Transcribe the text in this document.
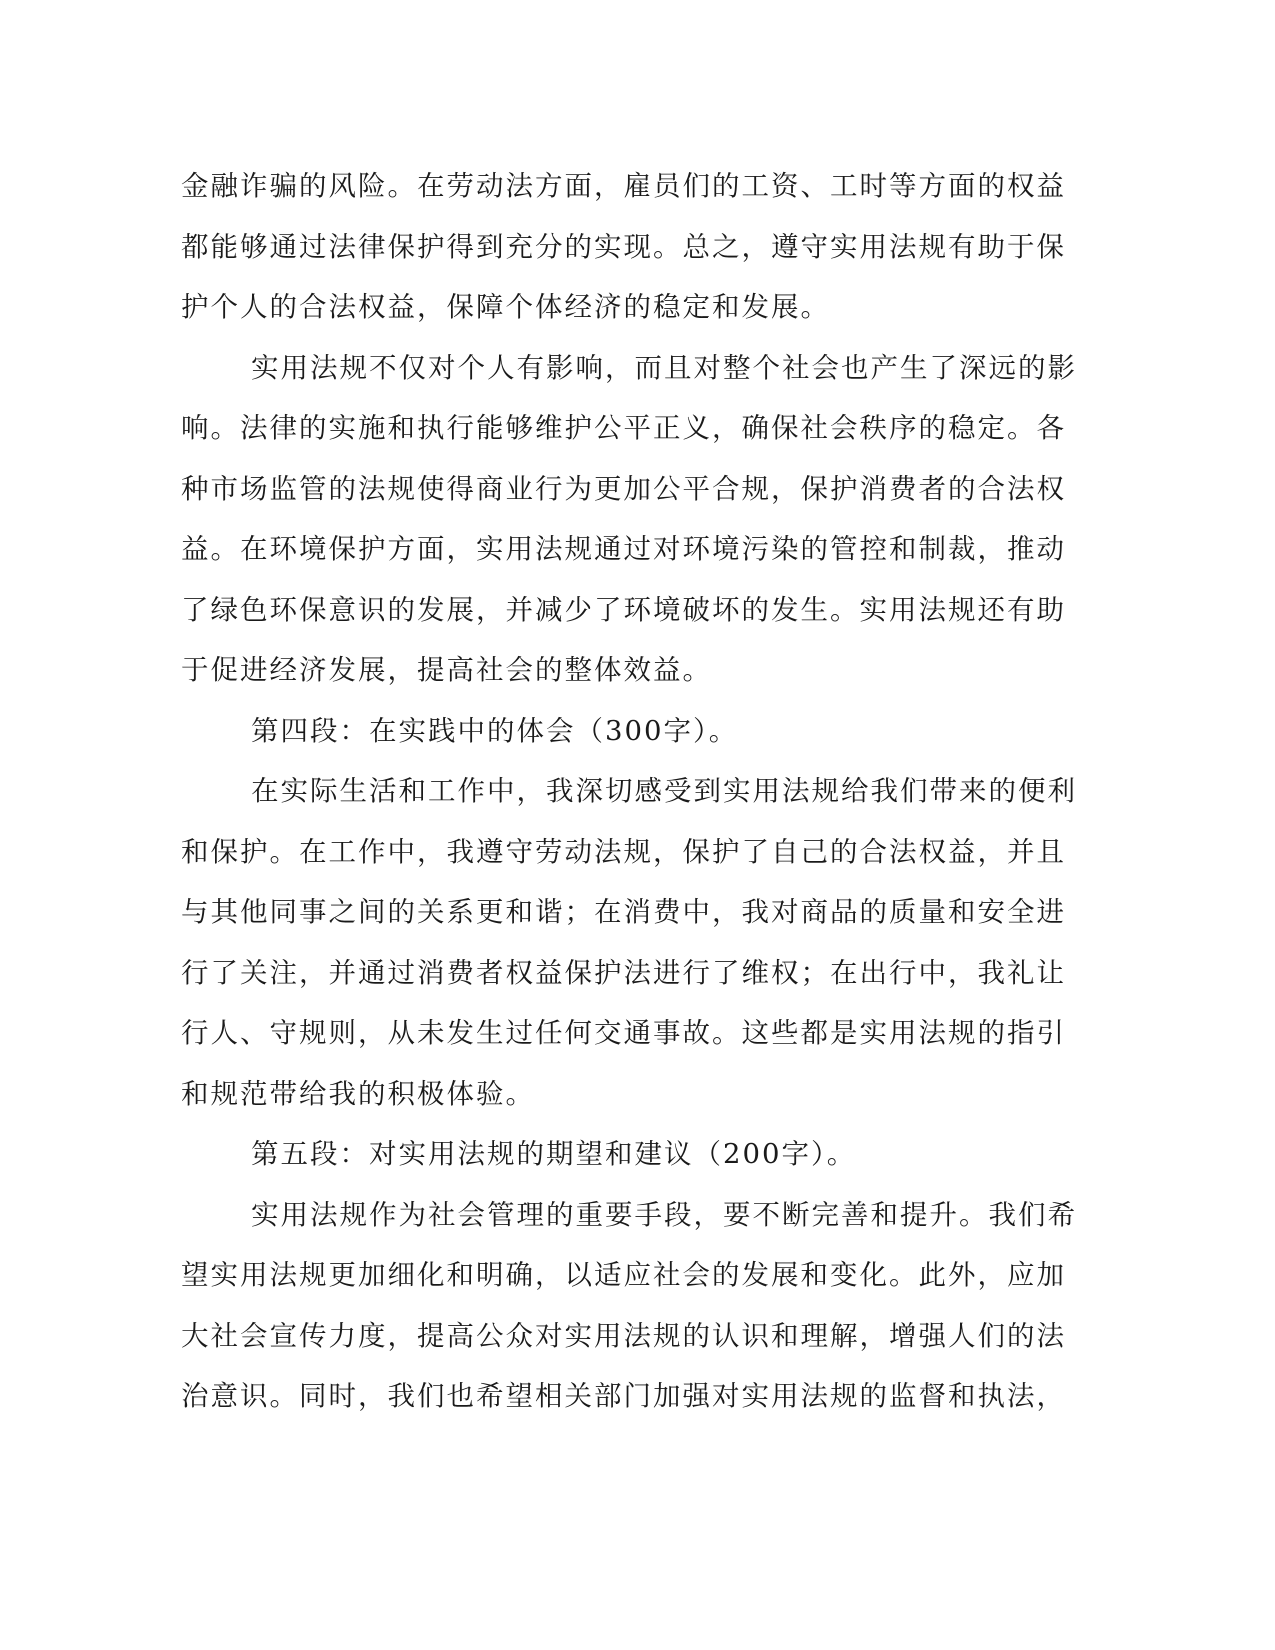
金融诈骗的风险。在劳动法方面，雇员们的工资、工时等方面的权益
都能够通过法律保护得到充分的实现。总之，遵守实用法规有助于保
护个人的合法权益，保障个体经济的稳定和发展。
实用法规不仅对个人有影响，而且对整个社会也产生了深远的影
响。法律的实施和执行能够维护公平正义，确保社会秩序的稳定。各
种市场监管的法规使得商业行为更加公平合规，保护消费者的合法权
益。在环境保护方面，实用法规通过对环境污染的管控和制裁，推动
了绿色环保意识的发展，并减少了环境破坏的发生。实用法规还有助
于促进经济发展，提高社会的整体效益。
第四段：在实践中的体会（300字）。
在实际生活和工作中，我深切感受到实用法规给我们带来的便利
和保护。在工作中，我遵守劳动法规，保护了自己的合法权益，并且
与其他同事之间的关系更和谐；在消费中，我对商品的质量和安全进
行了关注，并通过消费者权益保护法进行了维权；在出行中，我礼让
行人、守规则，从未发生过任何交通事故。这些都是实用法规的指引
和规范带给我的积极体验。
第五段：对实用法规的期望和建议（200字）。
实用法规作为社会管理的重要手段，要不断完善和提升。我们希
望实用法规更加细化和明确，以适应社会的发展和变化。此外，应加
大社会宣传力度，提高公众对实用法规的认识和理解，增强人们的法
治意识。同时，我们也希望相关部门加强对实用法规的监督和执法，
